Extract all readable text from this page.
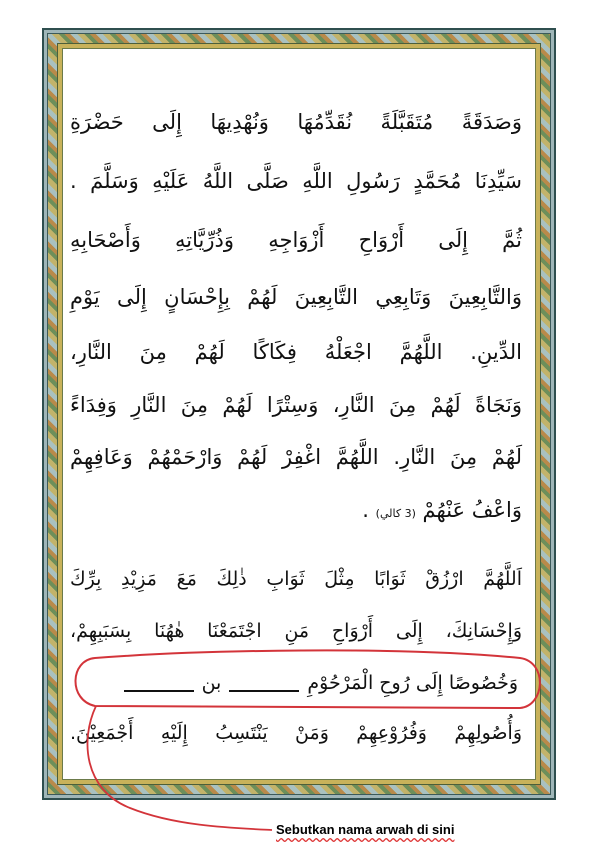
وَصَدَقَةً مُتَقَبَّلَةً نُقَدِّمُهَا وَنُهْدِيهَا إِلَى حَضْرَةِ
سَيِّدِنَا مُحَمَّدٍ رَسُولِ اللَّهِ صَلَّى اللَّهُ عَلَيْهِ وَسَلَّمَ .
ثُمَّ إِلَى أَرْوَاحِ أَزْوَاجِهِ وَذُرِّيَّاتِهِ وَأَصْحَابِهِ
وَالتَّابِعِينَ وَتَابِعِي التَّابِعِينَ لَهُمْ بِإِحْسَانٍ إِلَى يَوْمِ
الدِّينِ. اللَّهُمَّ اجْعَلْهُ فِكَاكًا لَهُمْ مِنَ النَّارِ،
وَنَجَاةً لَهُمْ مِنَ النَّارِ، وَسِتْرًا لَهُمْ مِنَ النَّارِ وَفِدَاءً
لَهُمْ مِنَ النَّارِ. اللَّهُمَّ اغْفِرْ لَهُمْ وَارْحَمْهُمْ وَعَافِهِمْ
وَاعْفُ عَنْهُمْ (3 كالي) .
اَللَّهُمَّ ارْزُقْ ثَوَابًا مِثْلَ ثَوَابِ ذٰلِكَ مَعَ مَزِيْدِ بِرِّكَ
وَإِحْسَانِكَ، إِلَى أَرْوَاحِ مَنِ اجْتَمَعْنَا هٰهُنَا بِسَبَبِهِمْ،
وَخُصُوصًا إِلَى رُوحِ الْمَرْحُوْمِ
بن
وَأُصُولِهِمْ وَفُرُوْعِهِمْ وَمَنْ يَنْتَسِبُ إِلَيْهِ أَجْمَعِيْنَ.
Sebutkan nama arwah di sini
